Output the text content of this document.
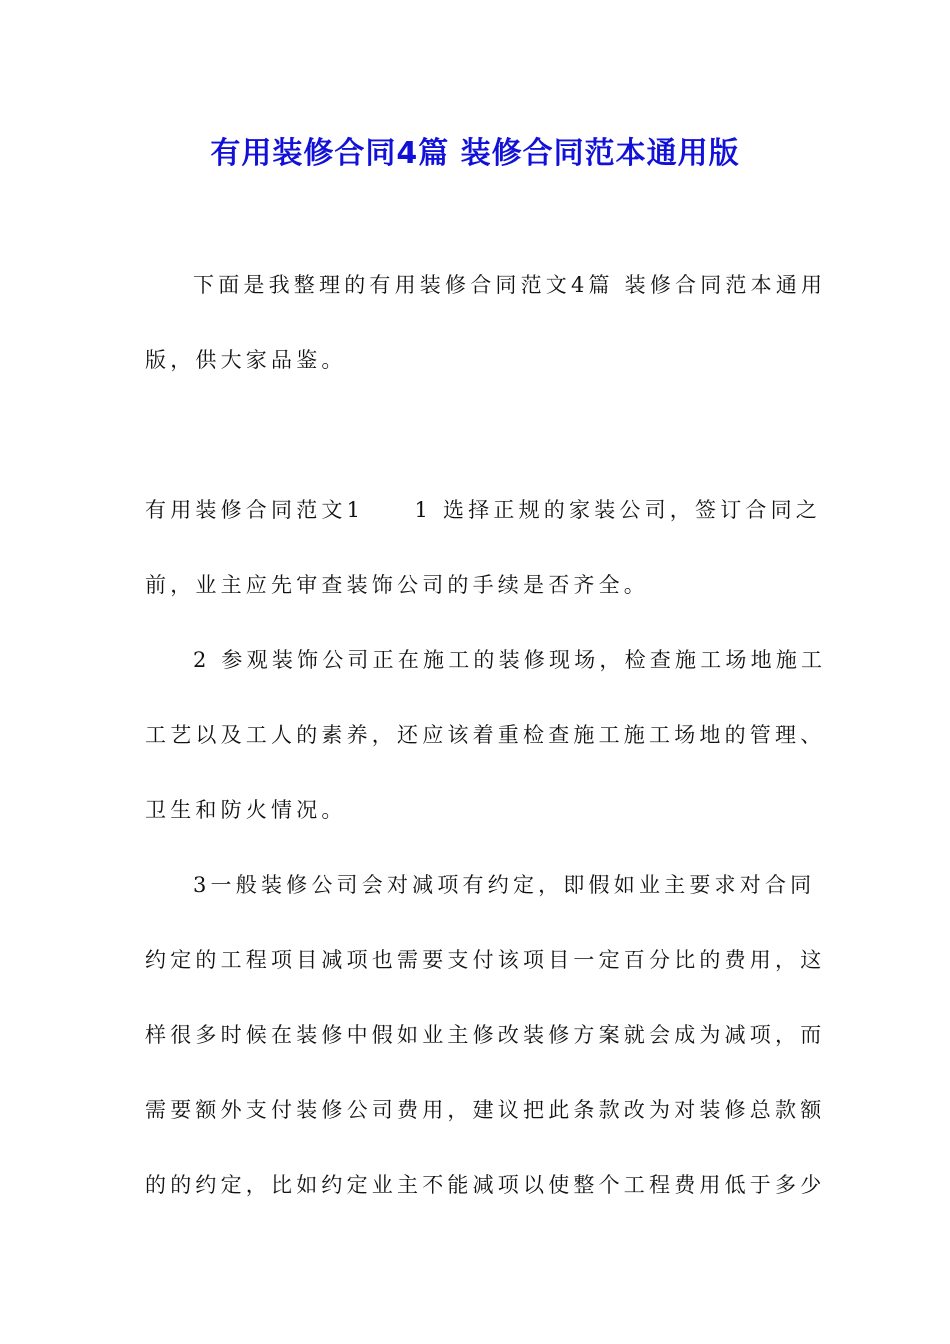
有用装修合同4篇 装修合同范本通用版
下面是我整理的有用装修合同范文4篇 装修合同范本通用
版，供大家品鉴。
有用装修合同范文1　　1 选择正规的家装公司，签订合同之
前，业主应先审查装饰公司的手续是否齐全。
2 参观装饰公司正在施工的装修现场，检查施工场地施工
工艺以及工人的素养，还应该着重检查施工施工场地的管理、
卫生和防火情况。
3一般装修公司会对减项有约定，即假如业主要求对合同
约定的工程项目减项也需要支付该项目一定百分比的费用，这
样很多时候在装修中假如业主修改装修方案就会成为减项，而
需要额外支付装修公司费用，建议把此条款改为对装修总款额
的的约定，比如约定业主不能减项以使整个工程费用低于多少
